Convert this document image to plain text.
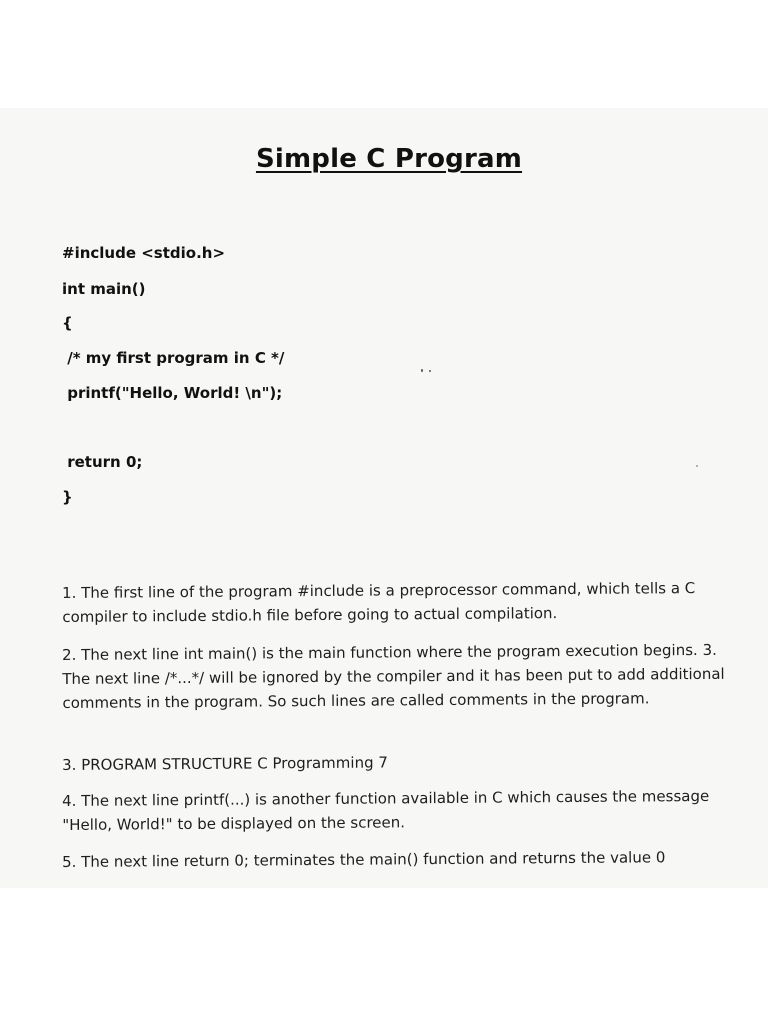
Simple C Program
#include <stdio.h>
int main()
{
/* my first program in C */
printf("Hello, World! \n");
return 0;
}
1. The first line of the program #include is a preprocessor command, which tells a C compiler to include stdio.h file before going to actual compilation.
2. The next line int main() is the main function where the program execution begins. 3. The next line /*...*/ will be ignored by the compiler and it has been put to add additional comments in the program. So such lines are called comments in the program.
3. PROGRAM STRUCTURE C Programming 7
4. The next line printf(...) is another function available in C which causes the message "Hello, World!" to be displayed on the screen.
5. The next line return 0; terminates the main() function and returns the value 0
